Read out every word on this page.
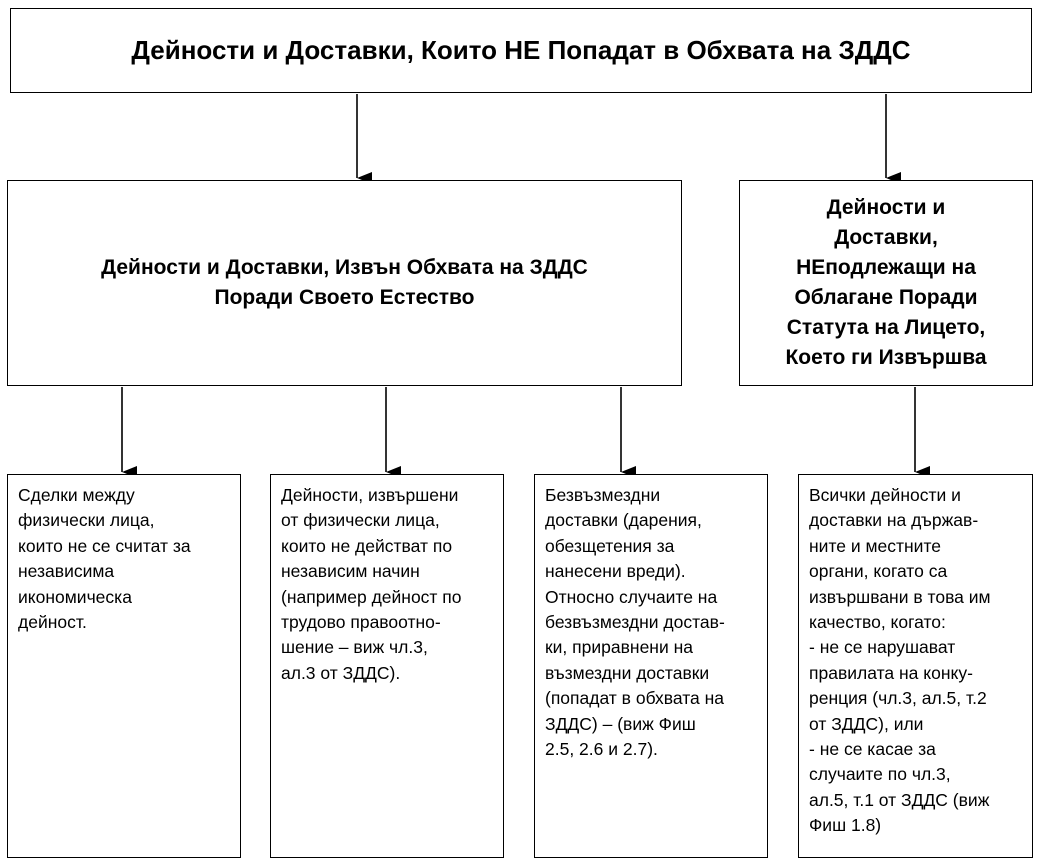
Дейности и Доставки, Които НЕ Попадат в Обхвата на ЗДДС
Дейности и Доставки, Извън Обхвата на ЗДДС
Поради Своето Естество
Дейности и
Доставки,
НЕподлежащи на
Облагане Поради
Статута на Лицето,
Което ги Извършва
Сделки между
физически лица,
които не се считат за
независима
икономическа
дейност.
Дейности, извършени
от физически лица,
които не действат по
независим начин
(например дейност по
трудово правоотно-
шение – виж чл.3,
ал.3 от ЗДДС).
Безвъзмездни
доставки (дарения,
обезщетения за
нанесени вреди).
Относно случаите на
безвъзмездни достав-
ки, приравнени на
възмездни доставки
(попадат в обхвата на
ЗДДС) – (виж Фиш
2.5, 2.6 и 2.7).
Всички дейности и
доставки на държав-
ните и местните
органи, когато са
извършвани в това им
качество, когато:
- не се нарушават
правилата на конку-
ренция (чл.3, ал.5, т.2
от ЗДДС), или
- не се касае за
случаите по чл.3,
ал.5, т.1 от ЗДДС (виж
Фиш 1.8)
